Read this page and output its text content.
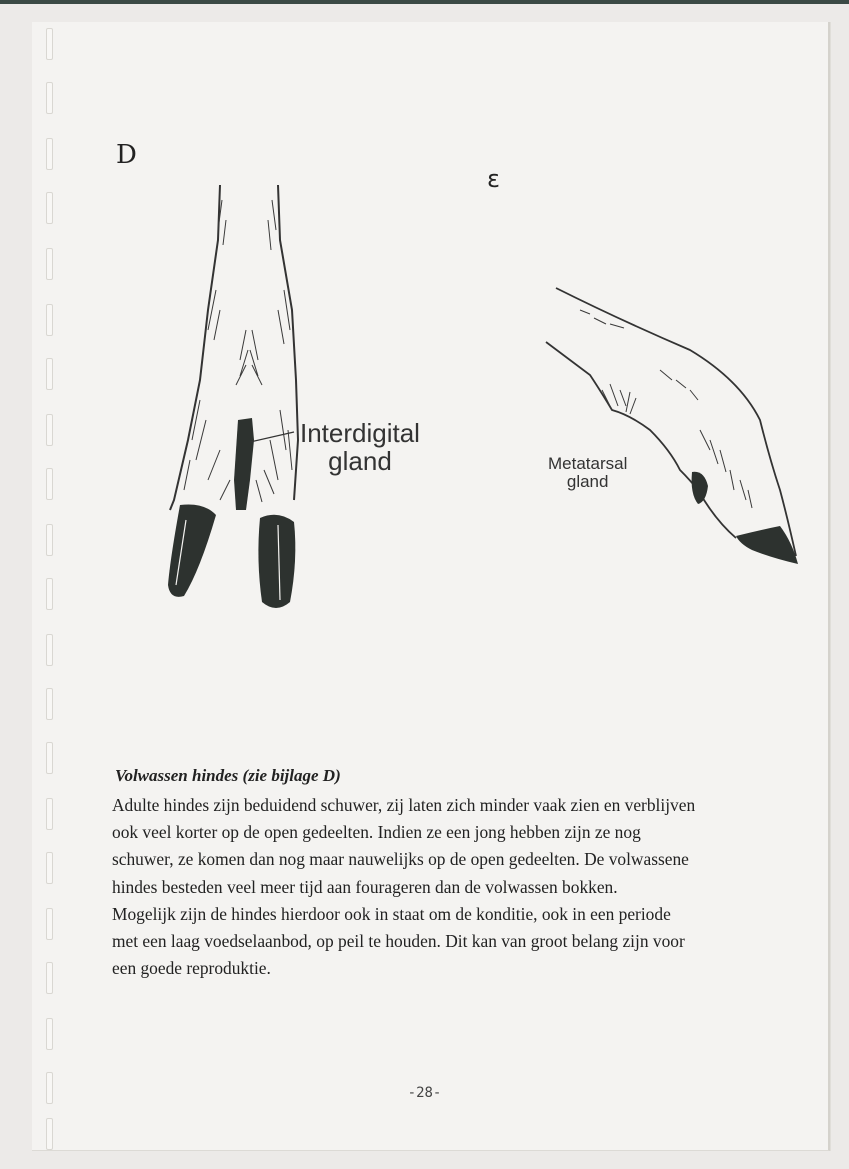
D
Interdigital
gland
ɛ
Metatarsal
gland
Volwassen hindes (zie bijlage D)
Adulte hindes zijn beduidend schuwer, zij laten zich minder vaak zien en verblijven
ook veel korter op de open gedeelten. Indien ze een jong hebben zijn ze nog
schuwer, ze komen dan nog maar nauwelijks op de open gedeelten. De volwassene
hindes besteden veel meer tijd aan fourageren dan de volwassen bokken.
Mogelijk zijn de hindes hierdoor ook in staat om de konditie, ook in een periode
met een laag voedselaanbod, op peil te houden. Dit kan van groot belang zijn voor
een goede reproduktie.
-28-
